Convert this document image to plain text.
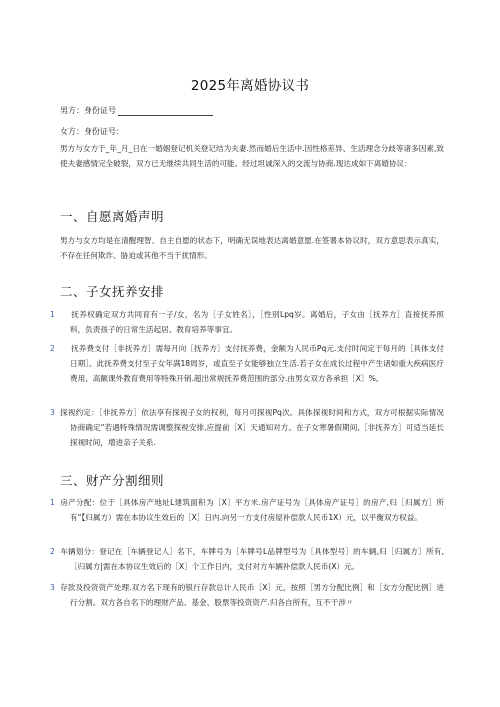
2025年离婚协议书
男方：身份证号
女方：身份证号：
男方与女方于_年_月_日在一婚姻登记机关登记结为夫妻.然而婚后生活中.因性格差异、生活理念分歧等诸多因素,致使夫妻感情完全破裂，双方已无继续共同生活的可能。经过坦诚深入的交流与协商.现达成如下离婚协议：
一、自愿离婚声明
男方与女方均是在清醒理智、自主自愿的状态下，明确无误地表达离婚意愿.在签署本协议时，双方意思表示真实，不存在任何欺诈、胁迫或其他不当干扰情形。
二、子女抚养安排
1 抚养权确定双方共同育有一子/女，名为［子女姓名］，［性别Lpq岁。离婚后，子女由［抚养方］直接抚养照料，负责孩子的日常生活起居、教育培养等事宜。
2 抚养费支付［非抚养方］需每月向［抚养方］支付抚养费，金额为人民币Pq元.支付时间定于每月的［具体支付日期］。此抚养费支付至子女年满18周岁，或直至子女能够独立生活.若子女在成长过程中产生诸如重大疾病医疗费用、高额课外教育费用等特殊开销.超出常规抚养费范围的部分.由男女双方各承担［X］%。
3 探视约定：［非抚养方］依法享有探视子女的权利，每月可探视Pq次。具体探视时间和方式，双方可根据实际情况协商确定“若遇特殊情况需调整探视安排,应提前［X］天通知对方。在子女寒暑假期间,［非抚养方］可适当延长探视时间，增进亲子关系.
三、财产分割细则
1 房产分配：位于［具体房产地址L建筑面积为［X］平方米.房产证号为［具体房产证号］的房产,归［归属方］所有“【归属方）需在本协议生效后的［X］日内.向另一方支付房屋补偿款人民币1X）元，以平衡双方权益。
2 车辆划分：登记在［车辆登记人］名下，车牌号为［车牌号L品牌型号为［具体型号］的车辆,归［归属方］所有,［归属方|需在本协议生效后的［X］个工作日内，支付对方车辆补偿款人民币(X）元。
3 存款及投资资产处理.双方名下现有的银行存款总计人民币［X］元，按照［男方分配比例］和［女方分配比例］进行分割。双方各自名下的理财产品、基金、股票等投资资产.归各自所有，互不干涉〃
